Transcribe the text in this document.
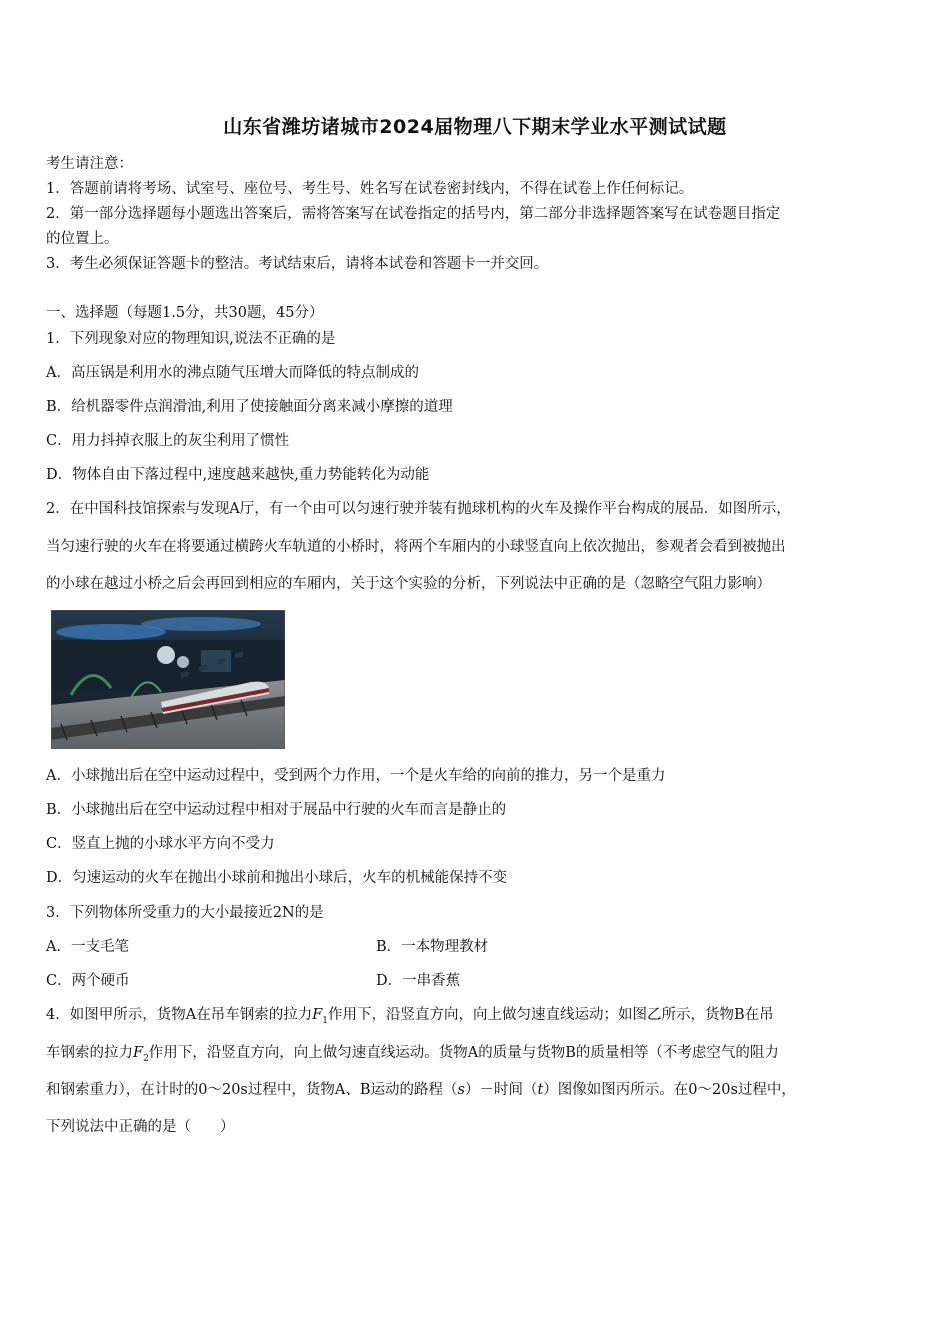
山东省潍坊诸城市2024届物理八下期末学业水平测试试题
考生请注意：
1．答题前请将考场、试室号、座位号、考生号、姓名写在试卷密封线内，不得在试卷上作任何标记。
2．第一部分选择题每小题选出答案后，需将答案写在试卷指定的括号内，第二部分非选择题答案写在试卷题目指定
的位置上。
3．考生必须保证答题卡的整洁。考试结束后，请将本试卷和答题卡一并交回。
一、选择题（每题1.5分，共30题，45分）
1．下列现象对应的物理知识,说法不正确的是
A．高压锅是利用水的沸点随气压增大而降低的特点制成的
B．给机器零件点润滑油,利用了使接触面分离来减小摩擦的道理
C．用力抖掉衣服上的灰尘利用了惯性
D．物体自由下落过程中,速度越来越快,重力势能转化为动能
2．在中国科技馆探索与发现A厅，有一个由可以匀速行驶并装有抛球机构的火车及操作平台构成的展品．如图所示，
当匀速行驶的火车在将要通过横跨火车轨道的小桥时，将两个车厢内的小球竖直向上依次抛出，参观者会看到被抛出
的小球在越过小桥之后会再回到相应的车厢内，关于这个实验的分析，下列说法中正确的是（忽略空气阻力影响）
A．小球抛出后在空中运动过程中，受到两个力作用，一个是火车给的向前的推力，另一个是重力
B．小球抛出后在空中运动过程中相对于展品中行驶的火车而言是静止的
C．竖直上抛的小球水平方向不受力
D．匀速运动的火车在抛出小球前和抛出小球后，火车的机械能保持不变
3．下列物体所受重力的大小最接近2N的是
A．一支毛笔	B．一本物理教材
C．两个硬币	D．一串香蕉
4．如图甲所示，货物A在吊车钢索的拉力$F_1$作用下，沿竖直方向，向上做匀速直线运动；如图乙所示，货物B在吊
车钢索的拉力$F_2$作用下，沿竖直方向，向上做匀速直线运动。货物A的质量与货物B的质量相等（不考虑空气的阻力
和钢索重力），在计时的0～20s过程中，货物A、B运动的路程（s）－时间（t）图像如图丙所示。在0～20s过程中，
下列说法中正确的是（　　）
